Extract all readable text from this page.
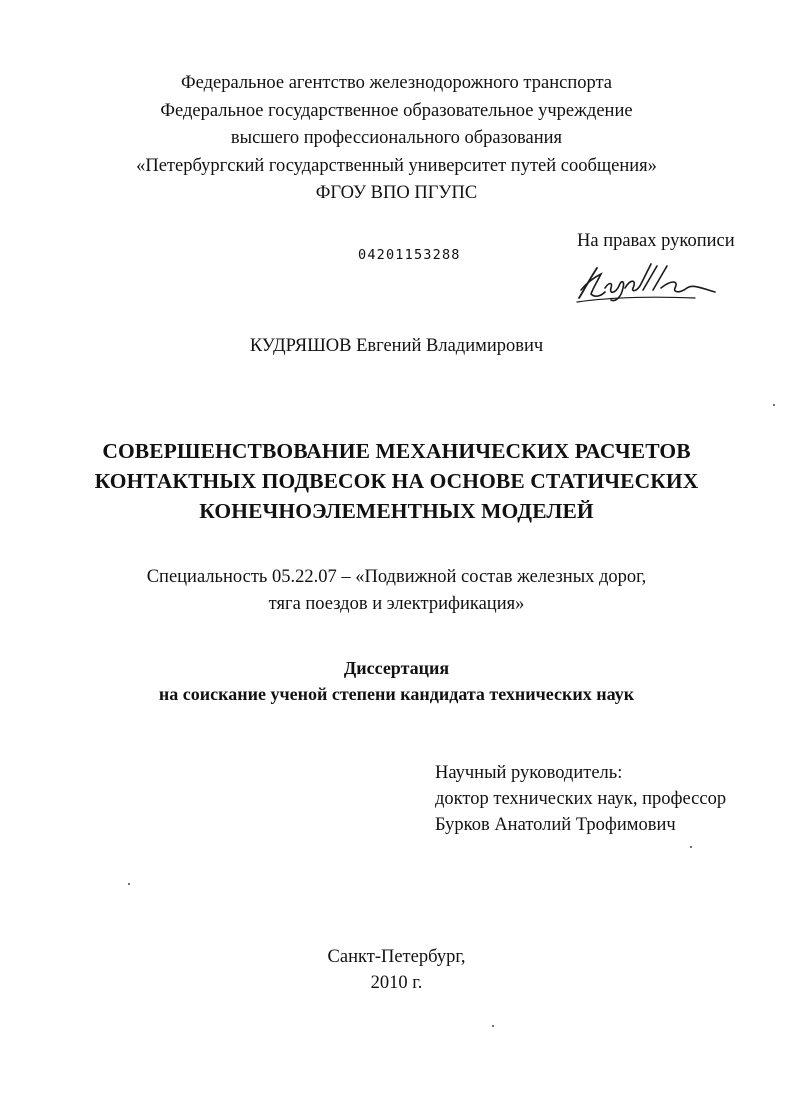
Федеральное агентство железнодорожного транспорта
Федеральное государственное образовательное учреждение
высшего профессионального образования
«Петербургский государственный университет путей сообщения»
ФГОУ ВПО ПГУПС
04201153288
На правах рукописи
КУДРЯШОВ Евгений Владимирович
СОВЕРШЕНСТВОВАНИЕ МЕХАНИЧЕСКИХ РАСЧЕТОВ
КОНТАКТНЫХ ПОДВЕСОК НА ОСНОВЕ СТАТИЧЕСКИХ
КОНЕЧНОЭЛЕМЕНТНЫХ МОДЕЛЕЙ
Специальность 05.22.07 – «Подвижной состав железных дорог,
тяга поездов и электрификация»
Диссертация
на соискание ученой степени кандидата технических наук
Научный руководитель:
доктор технических наук, профессор
Бурков Анатолий Трофимович
Санкт-Петербург,
2010 г.
